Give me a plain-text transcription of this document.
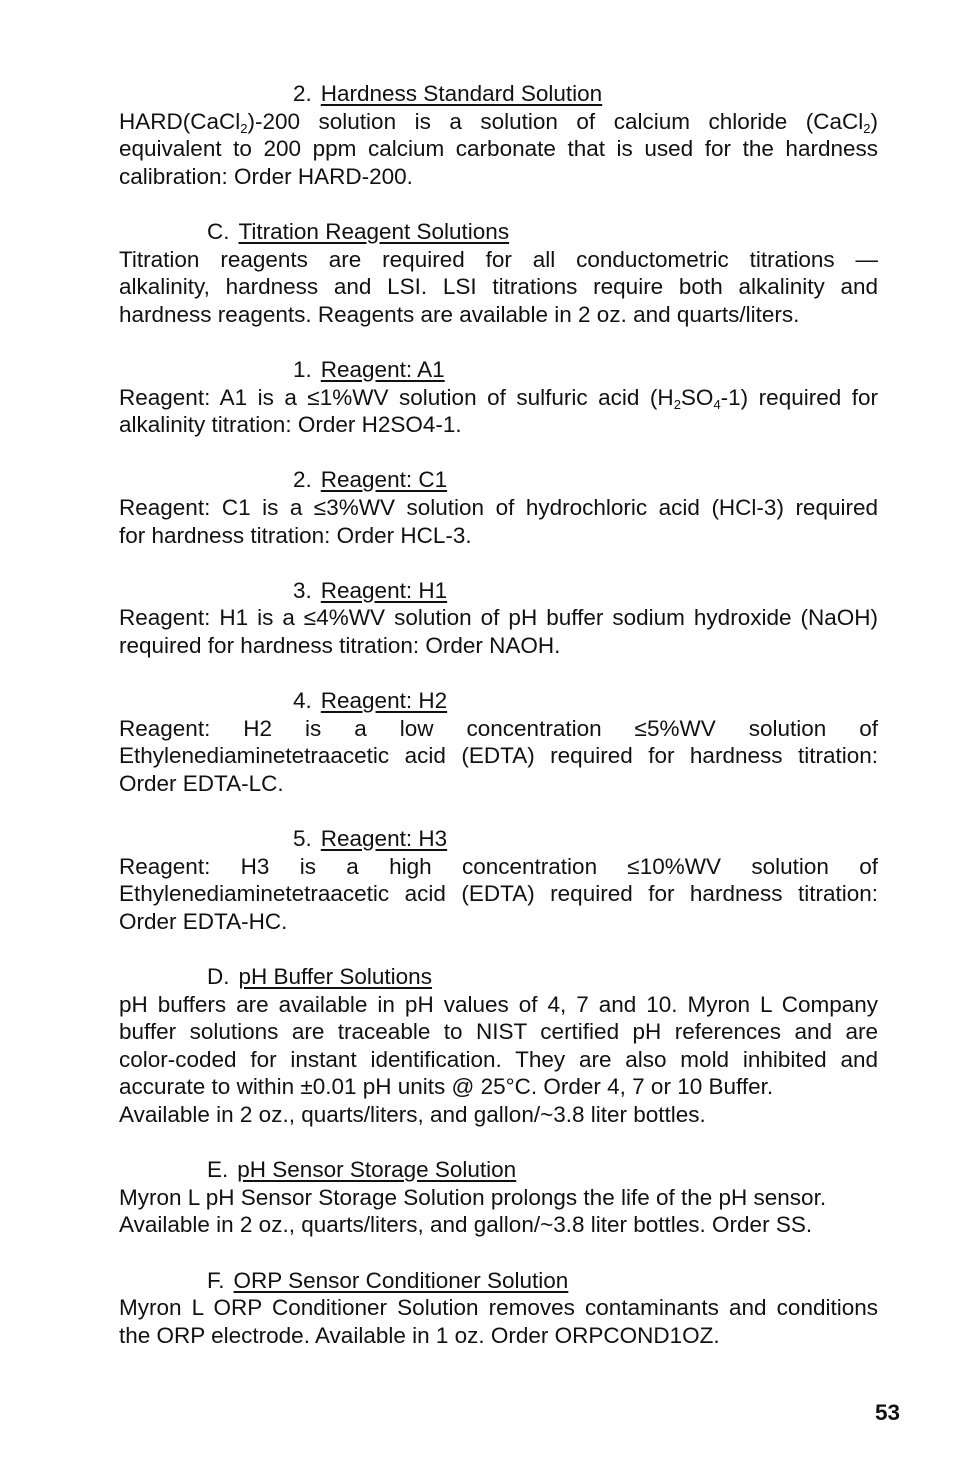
2. Hardness Standard Solution
HARD(CaCl$_2$)-200 solution is a solution of calcium chloride (CaCl$_2$)
equivalent to 200 ppm calcium carbonate that is used for the hardness
calibration: Order HARD-200.
C. Titration Reagent Solutions
Titration reagents are required for all conductometric titrations —
alkalinity, hardness and LSI. LSI titrations require both alkalinity and
hardness reagents. Reagents are available in 2 oz. and quarts/liters.
1. Reagent: A1
Reagent: A1 is a ≤1%WV solution of sulfuric acid $(H_2SO_4-1)$ required for
alkalinity titration: Order H2SO4-1.
2. Reagent: C1
Reagent: C1 is a ≤3%WV solution of hydrochloric acid (HCl-3) required
for hardness titration: Order HCL-3.
3. Reagent: H1
Reagent: H1 is a ≤4%WV solution of pH buffer sodium hydroxide (NaOH)
required for hardness titration: Order NAOH.
4. Reagent: H2
Reagent: H2 is a low concentration ≤5%WV solution of
Ethylenediaminetetraacetic acid (EDTA) required for hardness titration:
Order EDTA-LC.
5. Reagent: H3
Reagent: H3 is a high concentration ≤10%WV solution of
Ethylenediaminetetraacetic acid (EDTA) required for hardness titration:
Order EDTA-HC.
D. pH Buffer Solutions
pH buffers are available in pH values of 4, 7 and 10. Myron L Company
buffer solutions are traceable to NIST certified pH references and are
color-coded for instant identification. They are also mold inhibited and
accurate to within ±0.01 pH units @ 25°C. Order 4, 7 or 10 Buffer.
Available in 2 oz., quarts/liters, and gallon/~3.8 liter bottles.
E. pH Sensor Storage Solution
Myron L pH Sensor Storage Solution prolongs the life of the pH sensor.
Available in 2 oz., quarts/liters, and gallon/~3.8 liter bottles. Order SS.
F. ORP Sensor Conditioner Solution
Myron L ORP Conditioner Solution removes contaminants and conditions
the ORP electrode. Available in 1 oz. Order ORPCOND1OZ.
53
